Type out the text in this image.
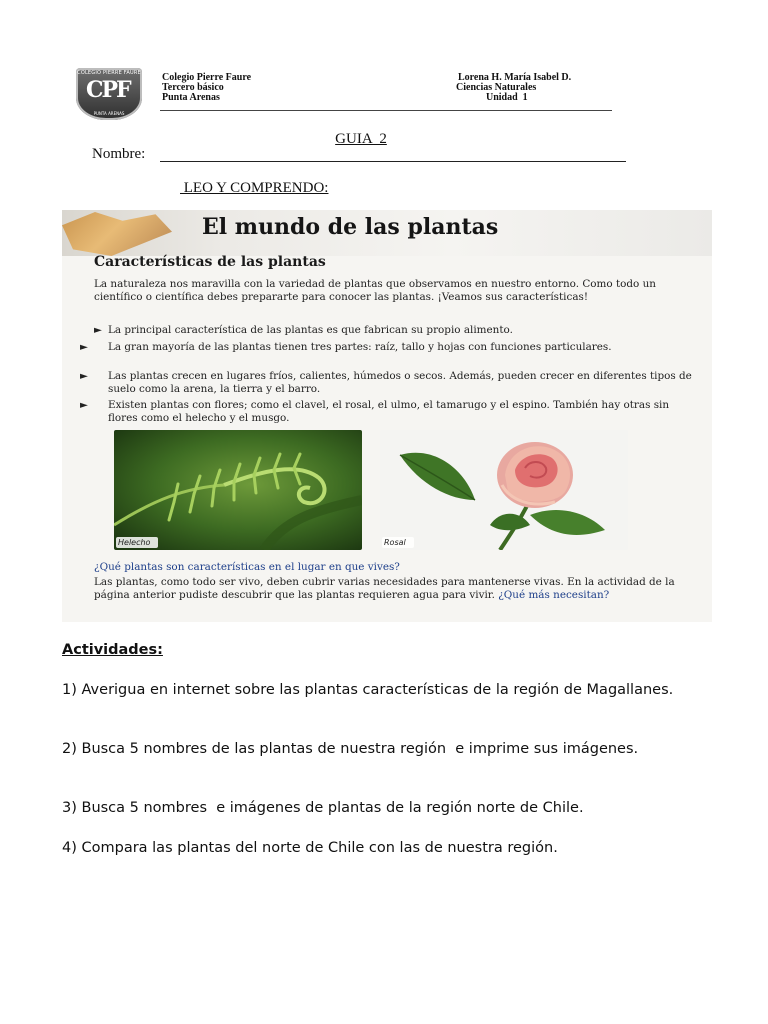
COLEGIO PIERRE FAURE
CPF
PUNTA ARENAS
Colegio Pierre Faure
Tercero básico
Punta Arenas
Lorena H. María Isabel D.
Ciencias Naturales
Unidad  1
GUIA  2
Nombre:
LEO Y COMPRENDO:
El mundo de las plantas
Características de las plantas
La naturaleza nos maravilla con la variedad de plantas que observamos en nuestro entorno. Como todo un científico o científica debes prepararte para conocer las plantas. ¡Veamos sus características!
► La principal característica de las plantas es que fabrican su propio alimento.
► La gran mayoría de las plantas tienen tres partes: raíz, tallo y hojas con funciones particulares.
► Las plantas crecen en lugares fríos, calientes, húmedos o secos. Además, pueden crecer en diferentes tipos de suelo como la arena, la tierra y el barro.
► Existen plantas con flores; como el clavel, el rosal, el ulmo, el tamarugo y el espino. También hay otras sin flores como el helecho y el musgo.
Helecho	Rosal
¿Qué plantas son características en el lugar en que vives?
Las plantas, como todo ser vivo, deben cubrir varias necesidades para mantenerse vivas. En la actividad de la página anterior pudiste descubrir que las plantas requieren agua para vivir. ¿Qué más necesitan?
Actividades:
1) Averigua en internet sobre las plantas características de la región de Magallanes.
2) Busca 5 nombres de las plantas de nuestra región  e imprime sus imágenes.
3) Busca 5 nombres  e imágenes de plantas de la región norte de Chile.
4) Compara las plantas del norte de Chile con las de nuestra región.
